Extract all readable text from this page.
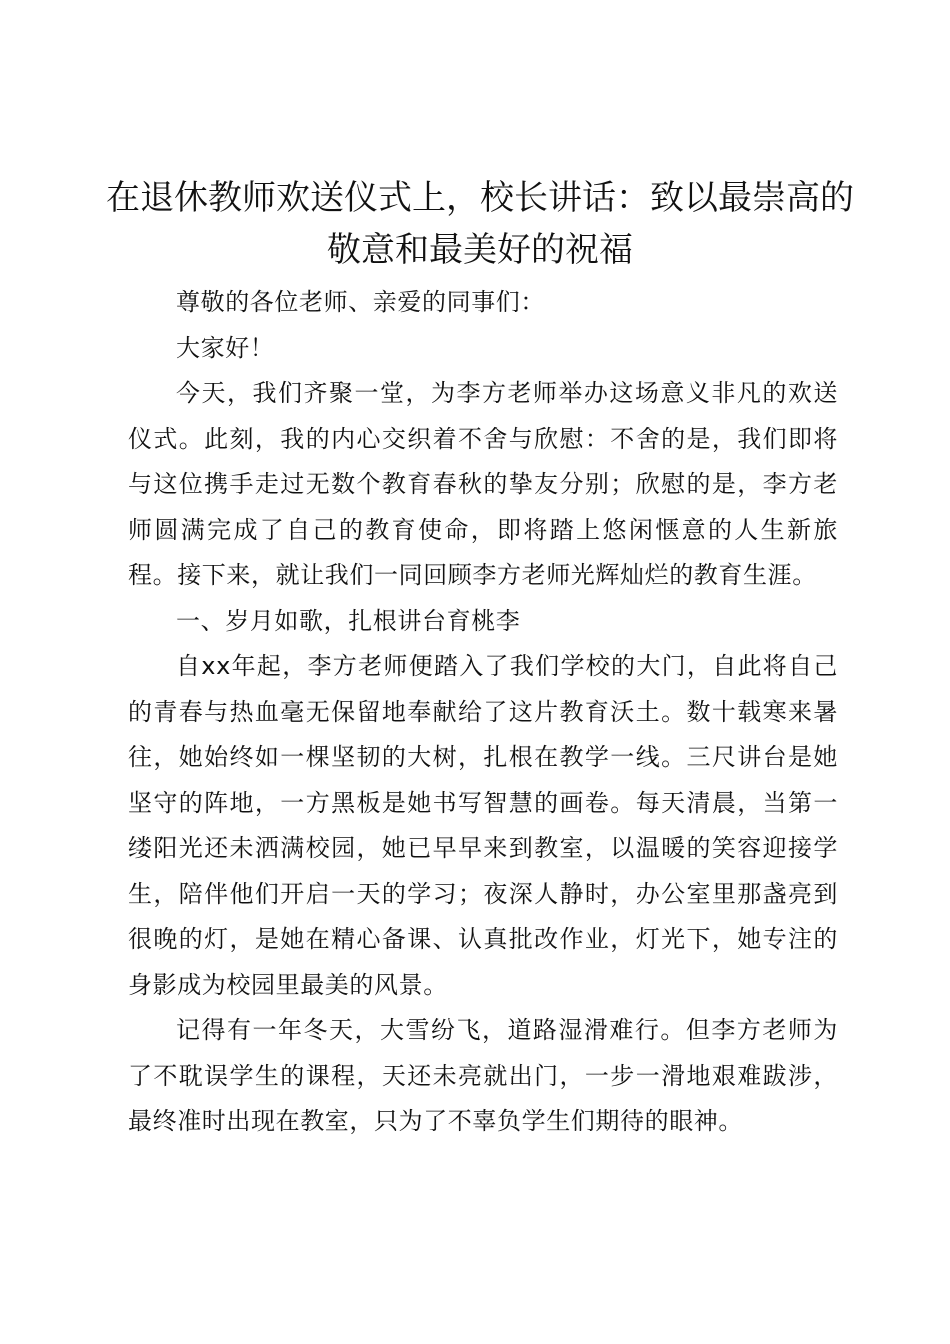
在退休教师欢送仪式上，校长讲话：致以最崇高的敬意和最美好的祝福

尊敬的各位老师、亲爱的同事们：

大家好！

今天，我们齐聚一堂，为李方老师举办这场意义非凡的欢送仪式。此刻，我的内心交织着不舍与欣慰：不舍的是，我们即将与这位携手走过无数个教育春秋的挚友分别；欣慰的是，李方老师圆满完成了自己的教育使命，即将踏上悠闲惬意的人生新旅程。接下来，就让我们一同回顾李方老师光辉灿烂的教育生涯。

一、岁月如歌，扎根讲台育桃李

自xx年起，李方老师便踏入了我们学校的大门，自此将自己的青春与热血毫无保留地奉献给了这片教育沃土。数十载寒来暑往，她始终如一棵坚韧的大树，扎根在教学一线。三尺讲台是她坚守的阵地，一方黑板是她书写智慧的画卷。每天清晨，当第一缕阳光还未洒满校园，她已早早来到教室，以温暖的笑容迎接学生，陪伴他们开启一天的学习；夜深人静时，办公室里那盏亮到很晚的灯，是她在精心备课、认真批改作业，灯光下，她专注的身影成为校园里最美的风景。

记得有一年冬天，大雪纷飞，道路湿滑难行。但李方老师为了不耽误学生的课程，天还未亮就出门，一步一滑地艰难跋涉，最终准时出现在教室，只为了不辜负学生们期待的眼神。
